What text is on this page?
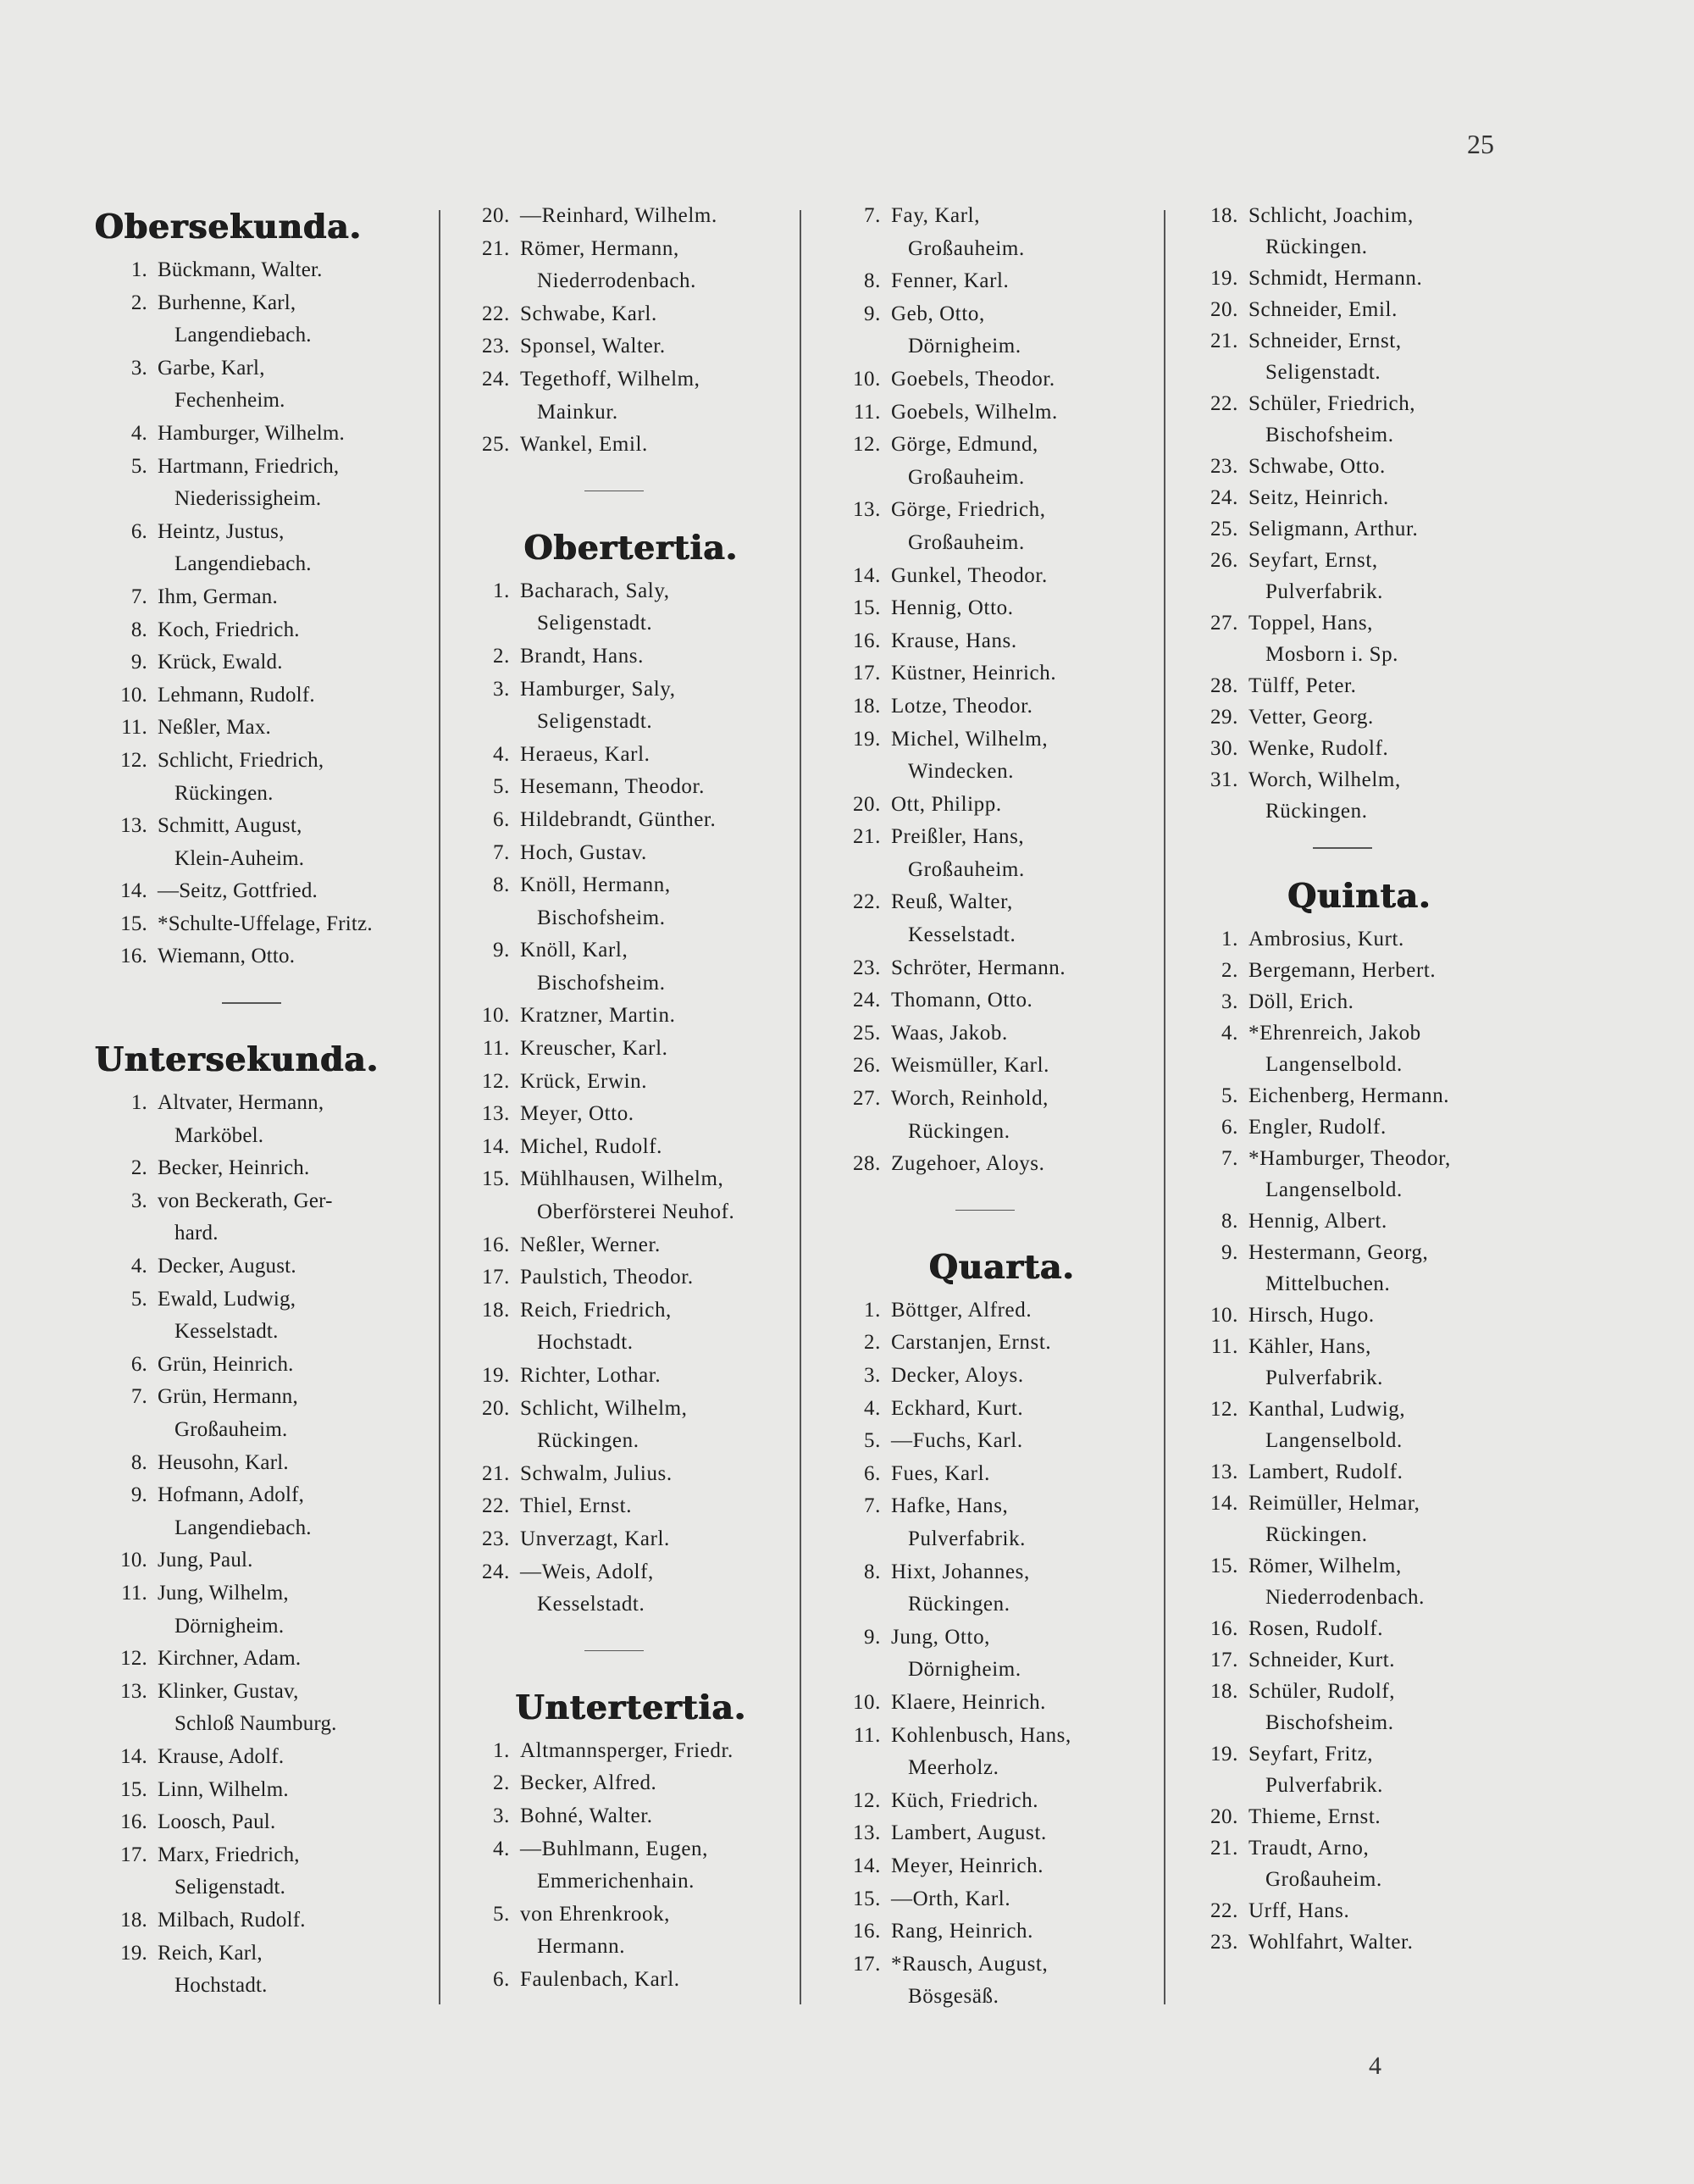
25
4
Obersekunda.
1. Bückmann, Walter.
2. Burhenne, Karl,
Langendiebach.
3. Garbe, Karl,
Fechenheim.
4. Hamburger, Wilhelm.
5. Hartmann, Friedrich,
Niederissigheim.
6. Heintz, Justus,
Langendiebach.
7. Ihm, German.
8. Koch, Friedrich.
9. Krück, Ewald.
10. Lehmann, Rudolf.
11. Neßler, Max.
12. Schlicht, Friedrich,
Rückingen.
13. Schmitt, August,
Klein-Auheim.
14. —Seitz, Gottfried.
15. *Schulte-Uffelage, Fritz.
16. Wiemann, Otto.
Untersekunda.
1. Altvater, Hermann,
Marköbel.
2. Becker, Heinrich.
3. von Beckerath, Ger-
hard.
4. Decker, August.
5. Ewald, Ludwig,
Kesselstadt.
6. Grün, Heinrich.
7. Grün, Hermann,
Großauheim.
8. Heusohn, Karl.
9. Hofmann, Adolf,
Langendiebach.
10. Jung, Paul.
11. Jung, Wilhelm,
Dörnigheim.
12. Kirchner, Adam.
13. Klinker, Gustav,
Schloß Naumburg.
14. Krause, Adolf.
15. Linn, Wilhelm.
16. Loosch, Paul.
17. Marx, Friedrich,
Seligenstadt.
18. Milbach, Rudolf.
19. Reich, Karl,
Hochstadt.
20. —Reinhard, Wilhelm.
21. Römer, Hermann,
Niederrodenbach.
22. Schwabe, Karl.
23. Sponsel, Walter.
24. Tegethoff, Wilhelm,
Mainkur.
25. Wankel, Emil.
Obertertia.
1. Bacharach, Saly,
Seligenstadt.
2. Brandt, Hans.
3. Hamburger, Saly,
Seligenstadt.
4. Heraeus, Karl.
5. Hesemann, Theodor.
6. Hildebrandt, Günther.
7. Hoch, Gustav.
8. Knöll, Hermann,
Bischofsheim.
9. Knöll, Karl,
Bischofsheim.
10. Kratzner, Martin.
11. Kreuscher, Karl.
12. Krück, Erwin.
13. Meyer, Otto.
14. Michel, Rudolf.
15. Mühlhausen, Wilhelm,
Oberförsterei Neuhof.
16. Neßler, Werner.
17. Paulstich, Theodor.
18. Reich, Friedrich,
Hochstadt.
19. Richter, Lothar.
20. Schlicht, Wilhelm,
Rückingen.
21. Schwalm, Julius.
22. Thiel, Ernst.
23. Unverzagt, Karl.
24. —Weis, Adolf,
Kesselstadt.
Untertertia.
1. Altmannsperger, Friedr.
2. Becker, Alfred.
3. Bohné, Walter.
4. —Buhlmann, Eugen,
Emmerichenhain.
5. von Ehrenkrook,
Hermann.
6. Faulenbach, Karl.
7. Fay, Karl,
Großauheim.
8. Fenner, Karl.
9. Geb, Otto,
Dörnigheim.
10. Goebels, Theodor.
11. Goebels, Wilhelm.
12. Görge, Edmund,
Großauheim.
13. Görge, Friedrich,
Großauheim.
14. Gunkel, Theodor.
15. Hennig, Otto.
16. Krause, Hans.
17. Küstner, Heinrich.
18. Lotze, Theodor.
19. Michel, Wilhelm,
Windecken.
20. Ott, Philipp.
21. Preißler, Hans,
Großauheim.
22. Reuß, Walter,
Kesselstadt.
23. Schröter, Hermann.
24. Thomann, Otto.
25. Waas, Jakob.
26. Weismüller, Karl.
27. Worch, Reinhold,
Rückingen.
28. Zugehoer, Aloys.
Quarta.
1. Böttger, Alfred.
2. Carstanjen, Ernst.
3. Decker, Aloys.
4. Eckhard, Kurt.
5. —Fuchs, Karl.
6. Fues, Karl.
7. Hafke, Hans,
Pulverfabrik.
8. Hixt, Johannes,
Rückingen.
9. Jung, Otto,
Dörnigheim.
10. Klaere, Heinrich.
11. Kohlenbusch, Hans,
Meerholz.
12. Küch, Friedrich.
13. Lambert, August.
14. Meyer, Heinrich.
15. —Orth, Karl.
16. Rang, Heinrich.
17. *Rausch, August,
Bösgesäß.
18. Schlicht, Joachim,
Rückingen.
19. Schmidt, Hermann.
20. Schneider, Emil.
21. Schneider, Ernst,
Seligenstadt.
22. Schüler, Friedrich,
Bischofsheim.
23. Schwabe, Otto.
24. Seitz, Heinrich.
25. Seligmann, Arthur.
26. Seyfart, Ernst,
Pulverfabrik.
27. Toppel, Hans,
Mosborn i. Sp.
28. Tülff, Peter.
29. Vetter, Georg.
30. Wenke, Rudolf.
31. Worch, Wilhelm,
Rückingen.
Quinta.
1. Ambrosius, Kurt.
2. Bergemann, Herbert.
3. Döll, Erich.
4. *Ehrenreich, Jakob
Langenselbold.
5. Eichenberg, Hermann.
6. Engler, Rudolf.
7. *Hamburger, Theodor,
Langenselbold.
8. Hennig, Albert.
9. Hestermann, Georg,
Mittelbuchen.
10. Hirsch, Hugo.
11. Kähler, Hans,
Pulverfabrik.
12. Kanthal, Ludwig,
Langenselbold.
13. Lambert, Rudolf.
14. Reimüller, Helmar,
Rückingen.
15. Römer, Wilhelm,
Niederrodenbach.
16. Rosen, Rudolf.
17. Schneider, Kurt.
18. Schüler, Rudolf,
Bischofsheim.
19. Seyfart, Fritz,
Pulverfabrik.
20. Thieme, Ernst.
21. Traudt, Arno,
Großauheim.
22. Urff, Hans.
23. Wohlfahrt, Walter.
